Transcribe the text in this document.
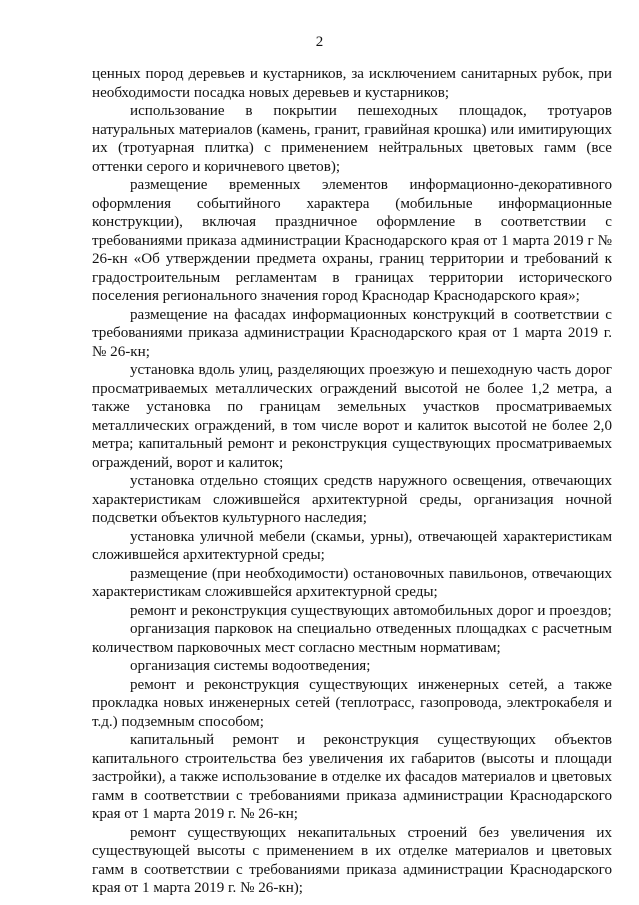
2

ценных пород деревьев и кустарников, за исключением санитарных рубок, при необходимости посадка новых деревьев и кустарников;

использование в покрытии пешеходных площадок, тротуаров натуральных материалов (камень, гранит, гравийная крошка) или имитирующих их (тротуарная плитка) с применением нейтральных цветовых гамм (все оттенки серого и коричневого цветов);

размещение временных элементов информационно-декоративного оформления событийного характера (мобильные информационные конструкции), включая праздничное оформление в соответствии с требованиями приказа администрации Краснодарского края от 1 марта 2019 г № 26-кн «Об утверждении предмета охраны, границ территории и требований к градостроительным регламентам в границах территории исторического поселения регионального значения город Краснодар Краснодарского края»;

размещение на фасадах информационных конструкций в соответствии с требованиями приказа администрации Краснодарского края от 1 марта 2019 г. № 26-кн;

установка вдоль улиц, разделяющих проезжую и пешеходную часть дорог просматриваемых металлических ограждений высотой не более 1,2 метра, а также установка по границам земельных участков просматриваемых металлических ограждений, в том числе ворот и калиток высотой не более 2,0 метра; капитальный ремонт и реконструкция существующих просматриваемых ограждений, ворот и калиток;

установка отдельно стоящих средств наружного освещения, отвечающих характеристикам сложившейся архитектурной среды, организация ночной подсветки объектов культурного наследия;

установка уличной мебели (скамьи, урны), отвечающей характеристикам сложившейся архитектурной среды;

размещение (при необходимости) остановочных павильонов, отвечающих характеристикам сложившейся архитектурной среды;

ремонт и реконструкция существующих автомобильных дорог и проездов;

организация парковок на специально отведенных площадках с расчетным количеством парковочных мест согласно местным нормативам;

организация системы водоотведения;

ремонт и реконструкция существующих инженерных сетей, а также прокладка новых инженерных сетей (теплотрасс, газопровода, электрокабеля и т.д.) подземным способом;

капитальный ремонт и реконструкция существующих объектов капитального строительства без увеличения их габаритов (высоты и площади застройки), а также использование в отделке их фасадов материалов и цветовых гамм в соответствии с требованиями приказа администрации Краснодарского края от 1 марта 2019 г. № 26-кн;

ремонт существующих некапитальных строений без увеличения их существующей высоты с применением в их отделке материалов и цветовых гамм в соответствии с требованиями приказа администрации Краснодарского края от 1 марта 2019 г. № 26-кн);
